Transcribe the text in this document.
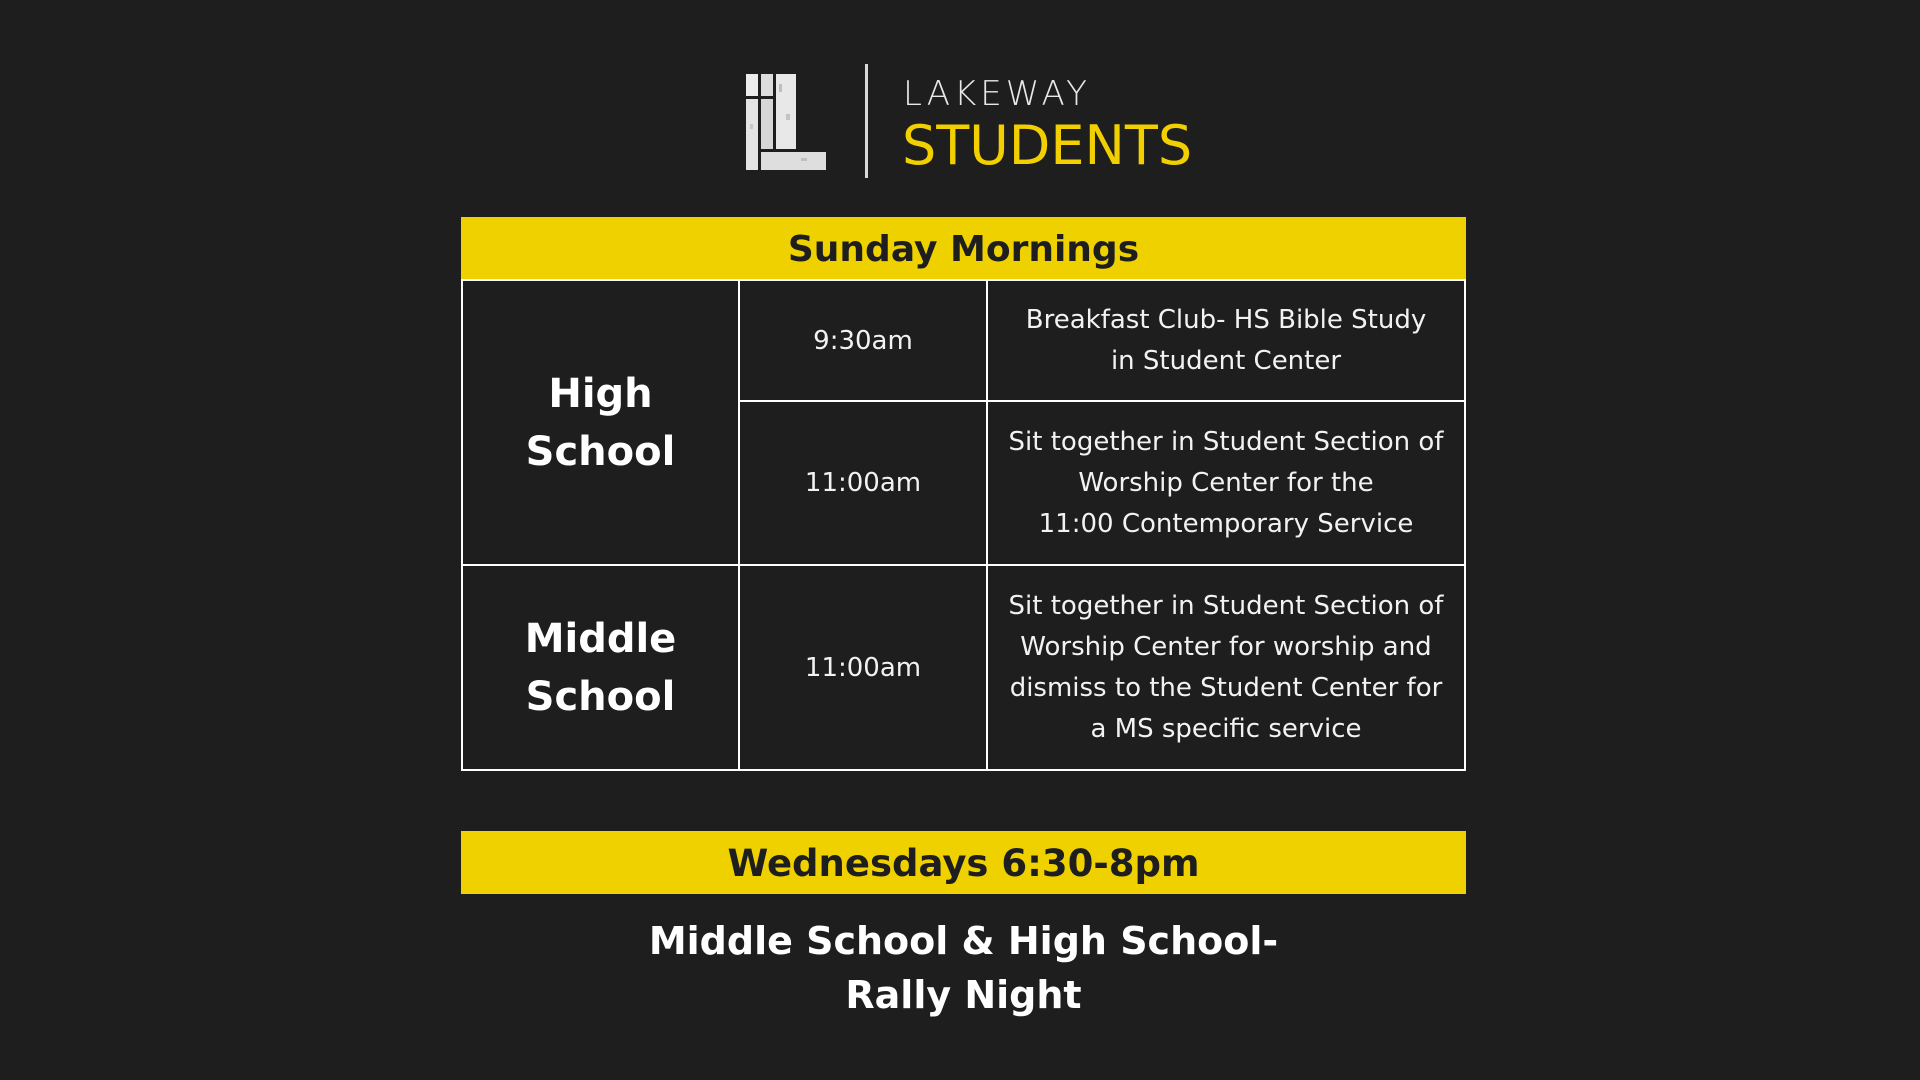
LAKEWAY
STUDENTS
Sunday Mornings
High
School	9:30am	Breakfast Club- HS Bible Study
in Student Center

	11:00am	Sit together in Student Section of
Worship Center for the
11:00 Contemporary Service

Middle
School	11:00am	Sit together in Student Section of
Worship Center for worship and
dismiss to the Student Center for
a MS specific service
Wednesdays 6:30-8pm
Middle School & High School-
Rally Night
